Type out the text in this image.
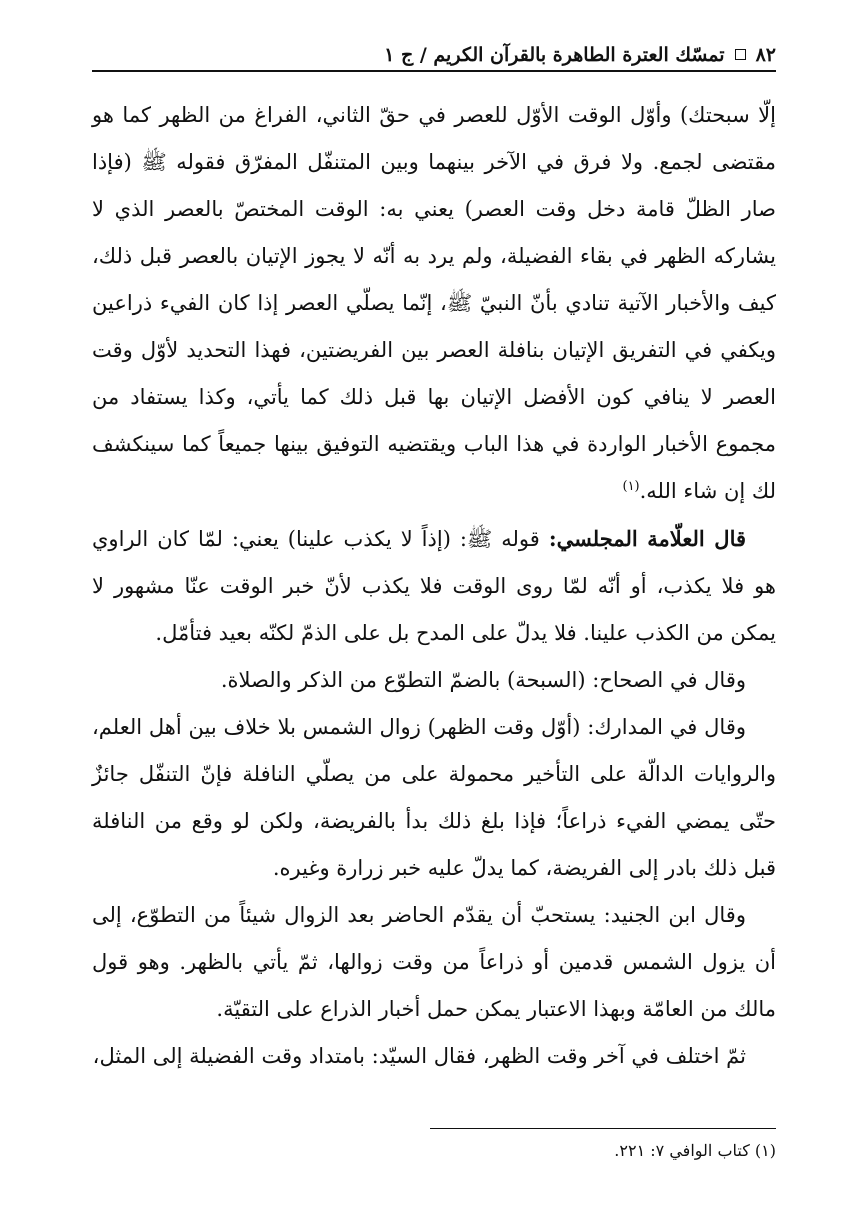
٨٢
تمسّك العترة الطاهرة بالقرآن الكريم / ج ١

إلّا سبحتك) وأوّل الوقت الأوّل للعصر في حقّ الثاني، الفراغ من الظهر كما هو مقتضى لجمع. ولا فرق في الآخر بينهما وبين المتنفّل المفرّق فقوله ﷺ (فإذا صار الظلّ قامة دخل وقت العصر) يعني به: الوقت المختصّ بالعصر الذي لا يشاركه الظهر في بقاء الفضيلة، ولم يرد به أنّه لا يجوز الإتيان بالعصر قبل ذلك، كيف والأخبار الآتية تنادي بأنّ النبيّ ﷺ، إنّما يصلّي العصر إذا كان الفيء ذراعين ويكفي في التفريق الإتيان بنافلة العصر بين الفريضتين، فهذا التحديد لأوّل وقت العصر لا ينافي كون الأفضل الإتيان بها قبل ذلك كما يأتي، وكذا يستفاد من مجموع الأخبار الواردة في هذا الباب ويقتضيه التوفيق بينها جميعاً كما سينكشف لك إن شاء الله.$^{(١)}$

قال العلّامة المجلسي: قوله ﷺ: (إذاً لا يكذب علينا) يعني: لمّا كان الراوي هو فلا يكذب، أو أنّه لمّا روى الوقت فلا يكذب لأنّ خبر الوقت عنّا مشهور لا يمكن من الكذب علينا. فلا يدلّ على المدح بل على الذمّ لكنّه بعيد فتأمّل.

وقال في الصحاح: (السبحة) بالضمّ التطوّع من الذكر والصلاة.

وقال في المدارك: (أوّل وقت الظهر) زوال الشمس بلا خلاف بين أهل العلم، والروايات الدالّة على التأخير محمولة على من يصلّي النافلة فإنّ التنفّل جائزٌ حتّى يمضي الفيء ذراعاً؛ فإذا بلغ ذلك بدأ بالفريضة، ولكن لو وقع من النافلة قبل ذلك بادر إلى الفريضة، كما يدلّ عليه خبر زرارة وغيره.

وقال ابن الجنيد: يستحبّ أن يقدّم الحاضر بعد الزوال شيئاً من التطوّع، إلى أن يزول الشمس قدمين أو ذراعاً من وقت زوالها، ثمّ يأتي بالظهر. وهو قول مالك من العامّة وبهذا الاعتبار يمكن حمل أخبار الذراع على التقيّة.

ثمّ اختلف في آخر وقت الظهر، فقال السيّد: بامتداد وقت الفضيلة إلى المثل،

(١) كتاب الوافي ٧: ٢٢١.
